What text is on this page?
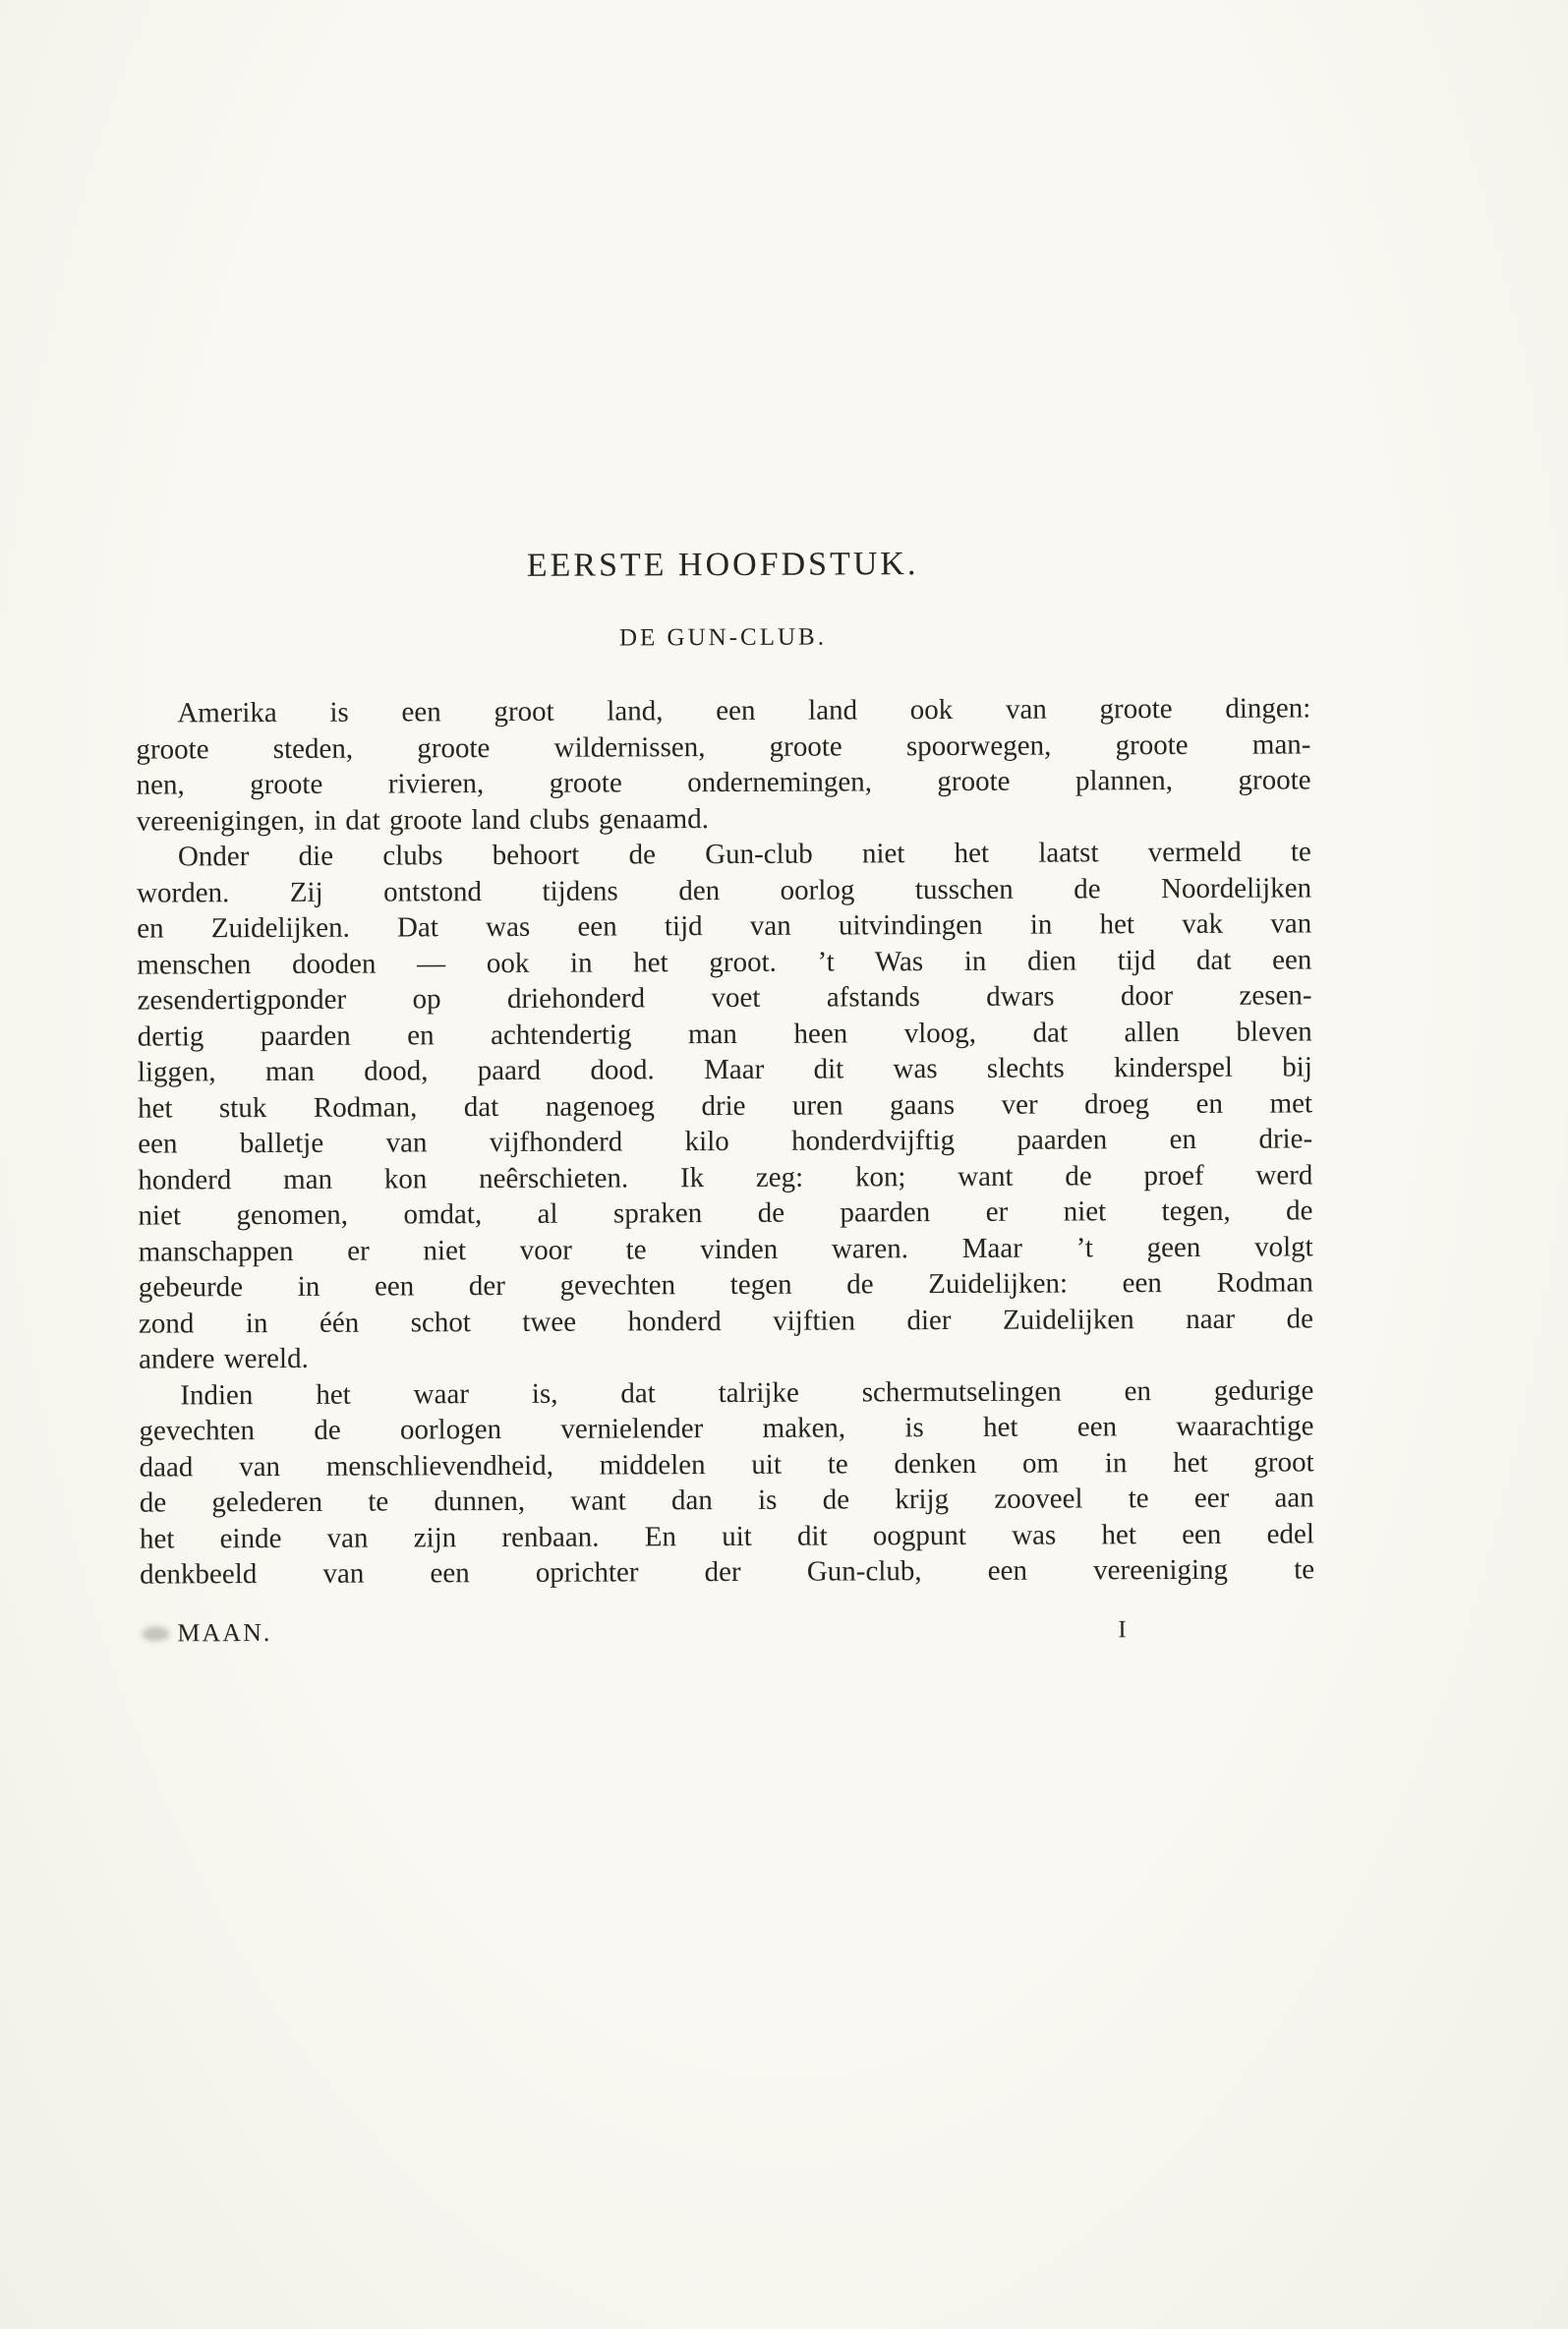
EERSTE HOOFDSTUK.
DE GUN-CLUB.
Amerika is een groot land, een land ook van groote dingen:
groote steden, groote wildernissen, groote spoorwegen, groote man-
nen, groote rivieren, groote ondernemingen, groote plannen, groote
vereenigingen, in dat groote land clubs genaamd.
Onder die clubs behoort de Gun-club niet het laatst vermeld te
worden. Zij ontstond tijdens den oorlog tusschen de Noordelijken
en Zuidelijken. Dat was een tijd van uitvindingen in het vak van
menschen dooden — ook in het groot. ’t Was in dien tijd dat een
zesendertigponder op driehonderd voet afstands dwars door zesen-
dertig paarden en achtendertig man heen vloog, dat allen bleven
liggen, man dood, paard dood. Maar dit was slechts kinderspel bij
het stuk Rodman, dat nagenoeg drie uren gaans ver droeg en met
een balletje van vijfhonderd kilo honderdvijftig paarden en drie-
honderd man kon neêrschieten. Ik zeg: kon; want de proef werd
niet genomen, omdat, al spraken de paarden er niet tegen, de
manschappen er niet voor te vinden waren. Maar ’t geen volgt
gebeurde in een der gevechten tegen de Zuidelijken: een Rodman
zond in één schot twee honderd vijftien dier Zuidelijken naar de
andere wereld.
Indien het waar is, dat talrijke schermutselingen en gedurige
gevechten de oorlogen vernielender maken, is het een waarachtige
daad van menschlievendheid, middelen uit te denken om in het groot
de gelederen te dunnen, want dan is de krijg zooveel te eer aan
het einde van zijn renbaan. En uit dit oogpunt was het een edel
denkbeeld van een oprichter der Gun-club, een vereeniging te
MAAN.	I
